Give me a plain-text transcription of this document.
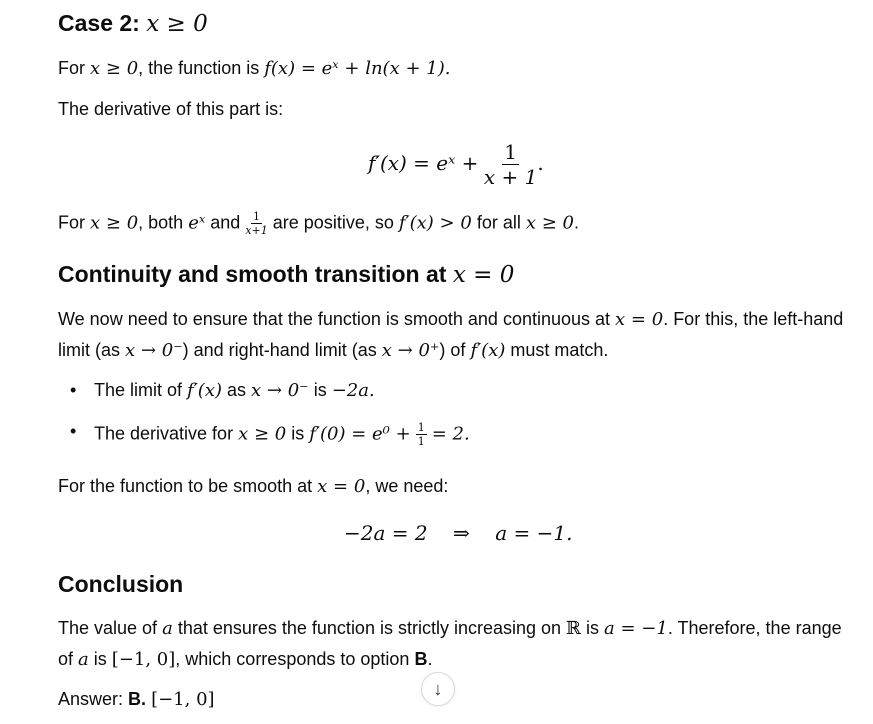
Case 2: x ≥ 0

For x ≥ 0, the function is f(x) = eˣ + ln(x + 1).

The derivative of this part is:

f′(x) = eˣ + $\frac{1}{x + 1}$ .

For x ≥ 0, both eˣ and $\frac{1}{x+1}$ are positive, so f′(x) > 0 for all x ≥ 0.

Continuity and smooth transition at x = 0

We now need to ensure that the function is smooth and continuous at x = 0. For this, the left-hand limit (as x → 0⁻) and right-hand limit (as x → 0⁺) of f′(x) must match.

• The limit of f′(x) as x → 0⁻ is −2a.
• The derivative for x ≥ 0 is $f'(0) = e^0 + \frac{1}{1} = 2$.

For the function to be smooth at x = 0, we need:

−2a = 2    ⇒    a = −1.
Conclusion

The value of a that ensures the function is strictly increasing on ℝ is a = −1. Therefore, the range of a is [−1, 0], which corresponds to option B.

Answer: B. [−1, 0]

↓
